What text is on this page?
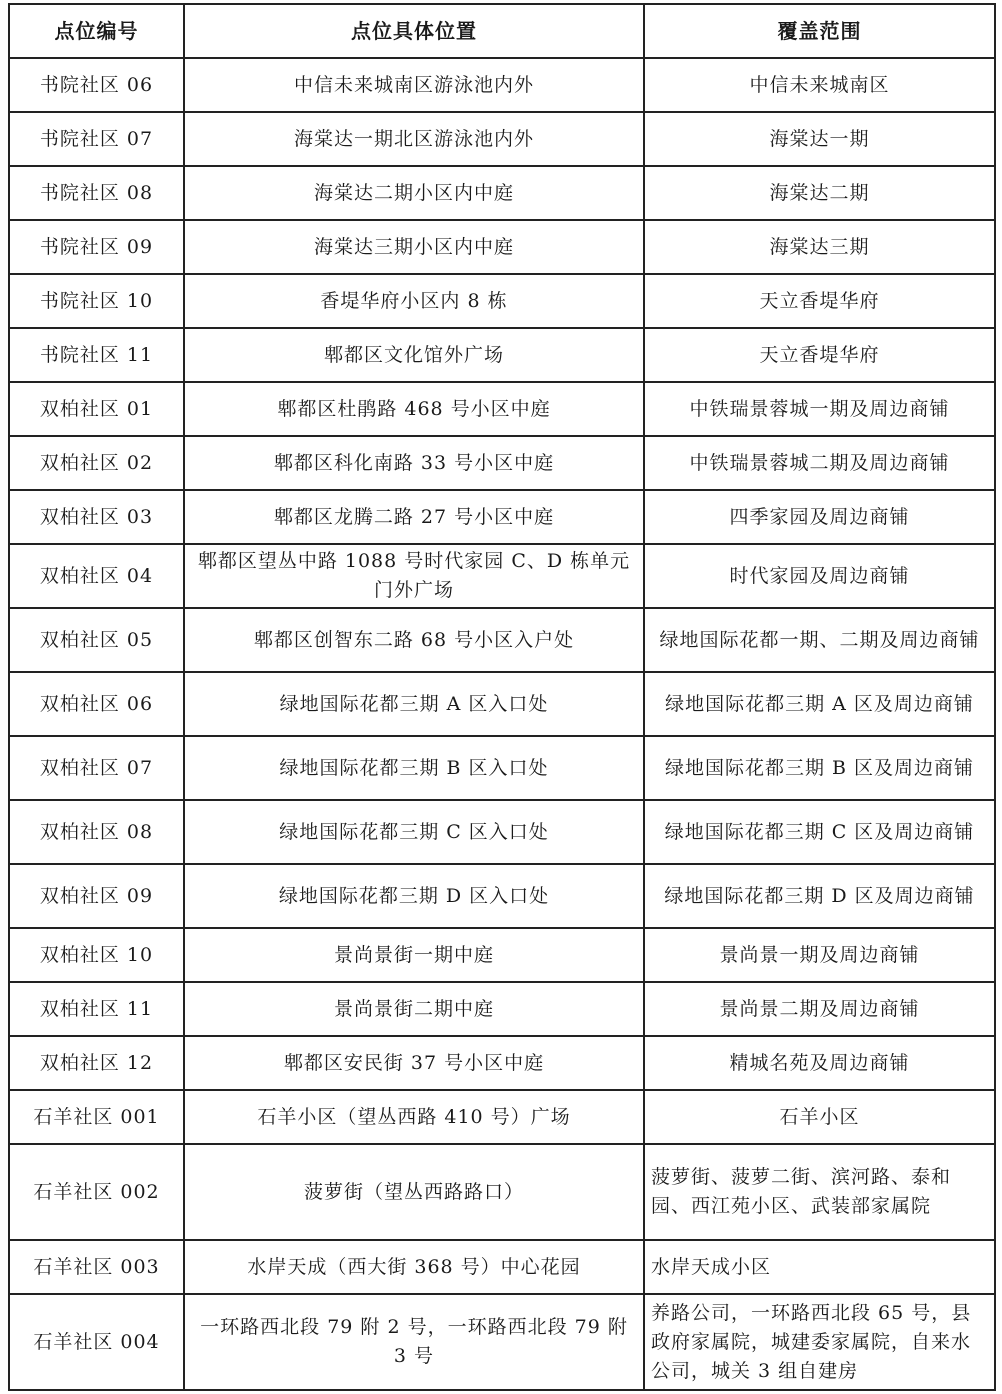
点位编号	点位具体位置	覆盖范围
书院社区 06	中信未来城南区游泳池内外	中信未来城南区
书院社区 07	海棠达一期北区游泳池内外	海棠达一期
书院社区 08	海棠达二期小区内中庭	海棠达二期
书院社区 09	海棠达三期小区内中庭	海棠达三期
书院社区 10	香堤华府小区内 8 栋	天立香堤华府
书院社区 11	郫都区文化馆外广场	天立香堤华府
双柏社区 01	郫都区杜鹃路 468 号小区中庭	中铁瑞景蓉城一期及周边商铺
双柏社区 02	郫都区科化南路 33 号小区中庭	中铁瑞景蓉城二期及周边商铺
双柏社区 03	郫都区龙腾二路 27 号小区中庭	四季家园及周边商铺
双柏社区 04	郫都区望丛中路 1088 号时代家园 C、D 栋单元门外广场	时代家园及周边商铺
双柏社区 05	郫都区创智东二路 68 号小区入户处	绿地国际花都一期、二期及周边商铺
双柏社区 06	绿地国际花都三期 A 区入口处	绿地国际花都三期 A 区及周边商铺
双柏社区 07	绿地国际花都三期 B 区入口处	绿地国际花都三期 B 区及周边商铺
双柏社区 08	绿地国际花都三期 C 区入口处	绿地国际花都三期 C 区及周边商铺
双柏社区 09	绿地国际花都三期 D 区入口处	绿地国际花都三期 D 区及周边商铺
双柏社区 10	景尚景街一期中庭	景尚景一期及周边商铺
双柏社区 11	景尚景街二期中庭	景尚景二期及周边商铺
双柏社区 12	郫都区安民街 37 号小区中庭	精城名苑及周边商铺
石羊社区 001	石羊小区（望丛西路 410 号）广场	石羊小区
石羊社区 002	菠萝街（望丛西路路口）	菠萝街、菠萝二街、滨河路、泰和园、西江苑小区、武装部家属院
石羊社区 003	水岸天成（西大街 368 号）中心花园	水岸天成小区
石羊社区 004	一环路西北段 79 附 2 号，一环路西北段 79 附 3 号	养路公司，一环路西北段 65 号，县政府家属院，城建委家属院，自来水公司，城关 3 组自建房
